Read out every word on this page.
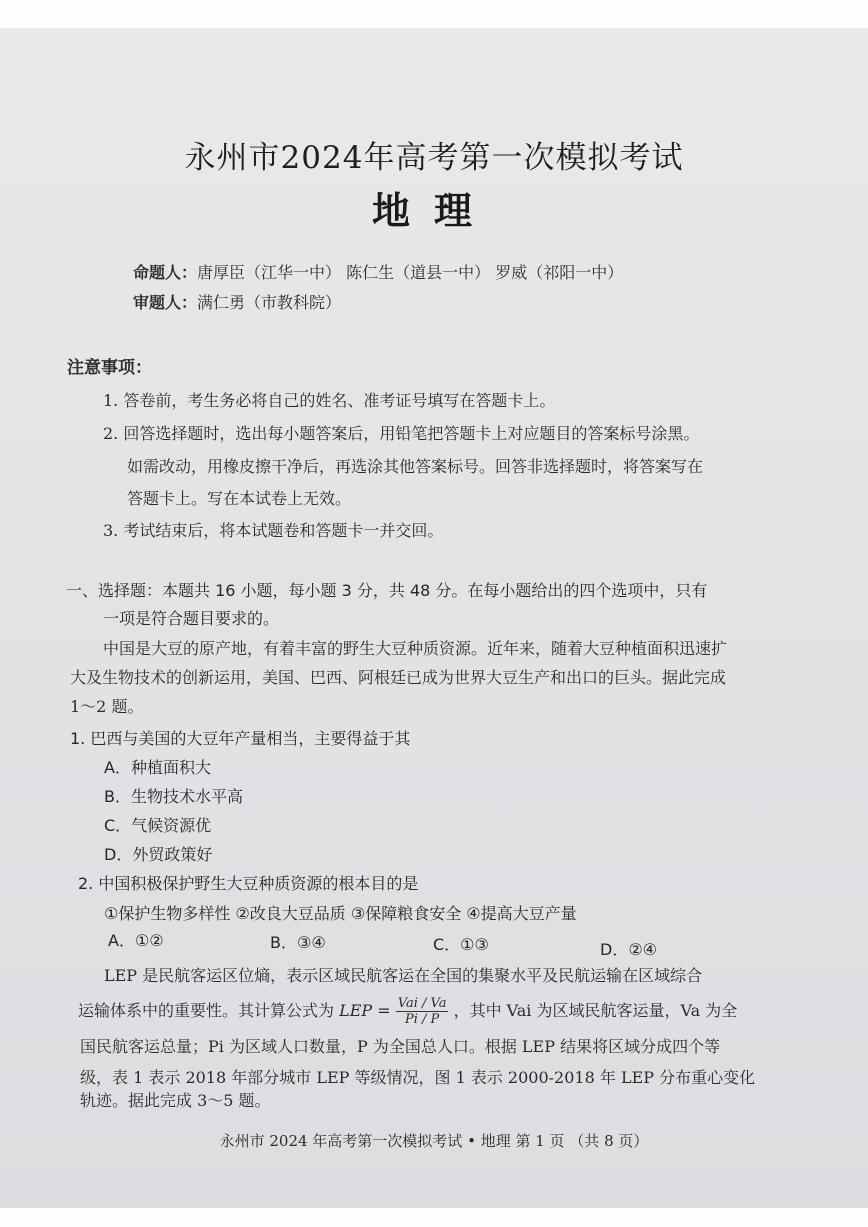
永州市2024年高考第一次模拟考试
地理
命题人：唐厚臣（江华一中） 陈仁生（道县一中） 罗威（祁阳一中）
审题人：满仁勇（市教科院）
注意事项：
1. 答卷前，考生务必将自己的姓名、准考证号填写在答题卡上。
2. 回答选择题时，选出每小题答案后，用铅笔把答题卡上对应题目的答案标号涂黑。
如需改动，用橡皮擦干净后，再选涂其他答案标号。回答非选择题时，将答案写在
答题卡上。写在本试卷上无效。
3. 考试结束后，将本试题卷和答题卡一并交回。
一、选择题：本题共 16 小题，每小题 3 分，共 48 分。在每小题给出的四个选项中，只有
一项是符合题目要求的。
中国是大豆的原产地，有着丰富的野生大豆种质资源。近年来，随着大豆种植面积迅速扩
大及生物技术的创新运用，美国、巴西、阿根廷已成为世界大豆生产和出口的巨头。据此完成
1～2 题。
1. 巴西与美国的大豆年产量相当，主要得益于其
A．种植面积大
B．生物技术水平高
C．气候资源优
D．外贸政策好
2. 中国积极保护野生大豆种质资源的根本目的是
①保护生物多样性 ②改良大豆品质 ③保障粮食安全 ④提高大豆产量
A．①②	B．③④	C．①③	D．②④
LEP 是民航客运区位熵，表示区域民航客运在全国的集聚水平及民航运输在区域综合
运输体系中的重要性。其计算公式为 LEP = $\frac{\text{Vai / Va}}{Pi / P}$ ，其中 Vai 为区域民航客运量，Va 为全
国民航客运总量；Pi 为区域人口数量，P 为全国总人口。根据 LEP 结果将区域分成四个等
级，表 1 表示 2018 年部分城市 LEP 等级情况，图 1 表示 2000-2018 年 LEP 分布重心变化
轨迹。据此完成 3～5 题。
永州市 2024 年高考第一次模拟考试 • 地理 第 1 页 （共 8 页）
